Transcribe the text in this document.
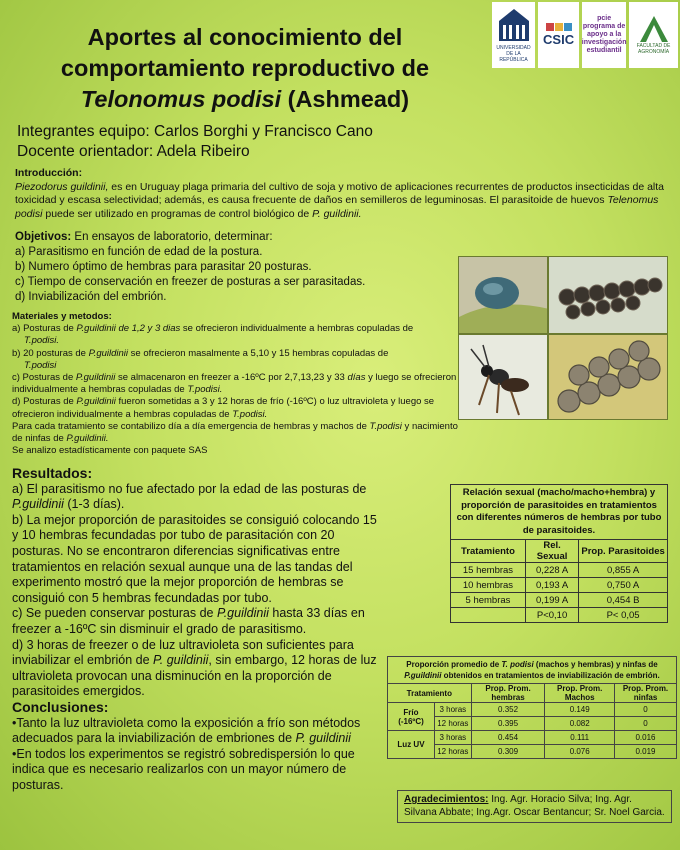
Aportes al conocimiento del
comportamiento reproductivo de
Telonomus podisi (Ashmead)
UNIVERSIDAD DE LA REPÚBLICA
CSIC
pcie programa de apoyo a la investigación estudiantil
FACULTAD DE AGRONOMÍA
Integrantes equipo: Carlos Borghi y Francisco Cano
Docente orientador: Adela Ribeiro
Introducción:
Piezodorus guildinii, es en Uruguay plaga primaria del cultivo de soja y motivo de aplicaciones recurrentes de productos insecticidas de alta toxicidad y escasa selectividad; además, es causa frecuente de daños en semilleros de leguminosas. El parasitoide de huevos Telenomus podisi puede ser utilizado en programas de control biológico de P. guildinii.
Objetivos: En ensayos de laboratorio, determinar:
a) Parasitismo en función de edad de la postura.
b) Numero óptimo de hembras para parasitar 20 posturas.
c) Tiempo de conservación en freezer de posturas a ser parasitadas.
d) Inviabilización del embrión.
Materiales y metodos:
a) Posturas de P.guildinii de 1,2 y 3 dias se ofrecieron individualmente a hembras copuladas de
T.podisi.
b) 20 posturas de P.guildinii se ofrecieron masalmente a 5,10 y 15 hembras copuladas de
T.podisi
c) Posturas de P.guildinii se almacenaron en freezer a -16ºC por 2,7,13,23 y 33 días y luego se ofrecieron individualmente a hembras copuladas de T.podisi.
d) Posturas de P.guildinii fueron sometidas a 3 y 12 horas de frío (-16ºC) o luz ultravioleta y luego se ofrecieron individualmente a hembras copuladas de T.podisi.
Para cada tratamiento se contabilizo día a día emergencia de hembras y machos de T.podisi y nacimiento de ninfas de P.guildinii.
Se analizo estadísticamente con paquete SAS
Resultados:
a) El parasitismo no fue afectado por la edad de las posturas de P.guildinii (1-3 días).
b) La mejor proporción de parasitoides se consiguió colocando 15 y 10 hembras fecundadas por tubo de parasitación con 20 posturas. No se encontraron diferencias significativas entre tratamientos en relación sexual aunque una de las tandas del experimento mostró que la mejor proporción de hembras se consiguió con 5 hembras fecundadas por tubo.
c) Se pueden conservar posturas de P.guildinii hasta 33 días en freezer a -16ºC sin disminuir el grado de parasitismo.
d) 3 horas de freezer o de luz ultravioleta son suficientes para inviabilizar el embrión de P. guildinii, sin embargo, 12 horas de luz ultravioleta provocan una disminución en la proporción de parasitoides emergidos.
Conclusiones:
•Tanto la luz ultravioleta como la exposición a frío son métodos adecuados para la inviabilización de embriones de P. guildinii
•En todos los experimentos se registró sobredispersión lo que indica que es necesario realizarlos con un mayor número de posturas.
Relación sexual (macho/macho+hembra) y proporción de parasitoides en tratamientos con diferentes números de hembras por tubo de parasitoides.		
Tratamiento	Rel. Sexual	Prop. Parasitoides
15 hembras	0,228 A	0,855 A
10 hembras	0,193 A	0,750 A
5 hembras	0,199 A	0,454 B
	P<0,10	P< 0,05
Proporción promedio de T. podisi (machos y hembras) y ninfas de P.guildinii obtenidos en tratamientos de inviabilización de embrión.				
Tratamiento		Prop. Prom. hembras	Prop. Prom. Machos	Prop. Prom. ninfas
Frío (-16ºC)	3 horas	0.352	0.149	0
	12 horas	0.395	0.082	0
Luz UV	3 horas	0.454	0.111	0.016
	12 horas	0.309	0.076	0.019
Agradecimientos: Ing. Agr. Horacio Silva; Ing. Agr. Silvana Abbate; Ing.Agr. Oscar Bentancur; Sr. Noel Garcia.
